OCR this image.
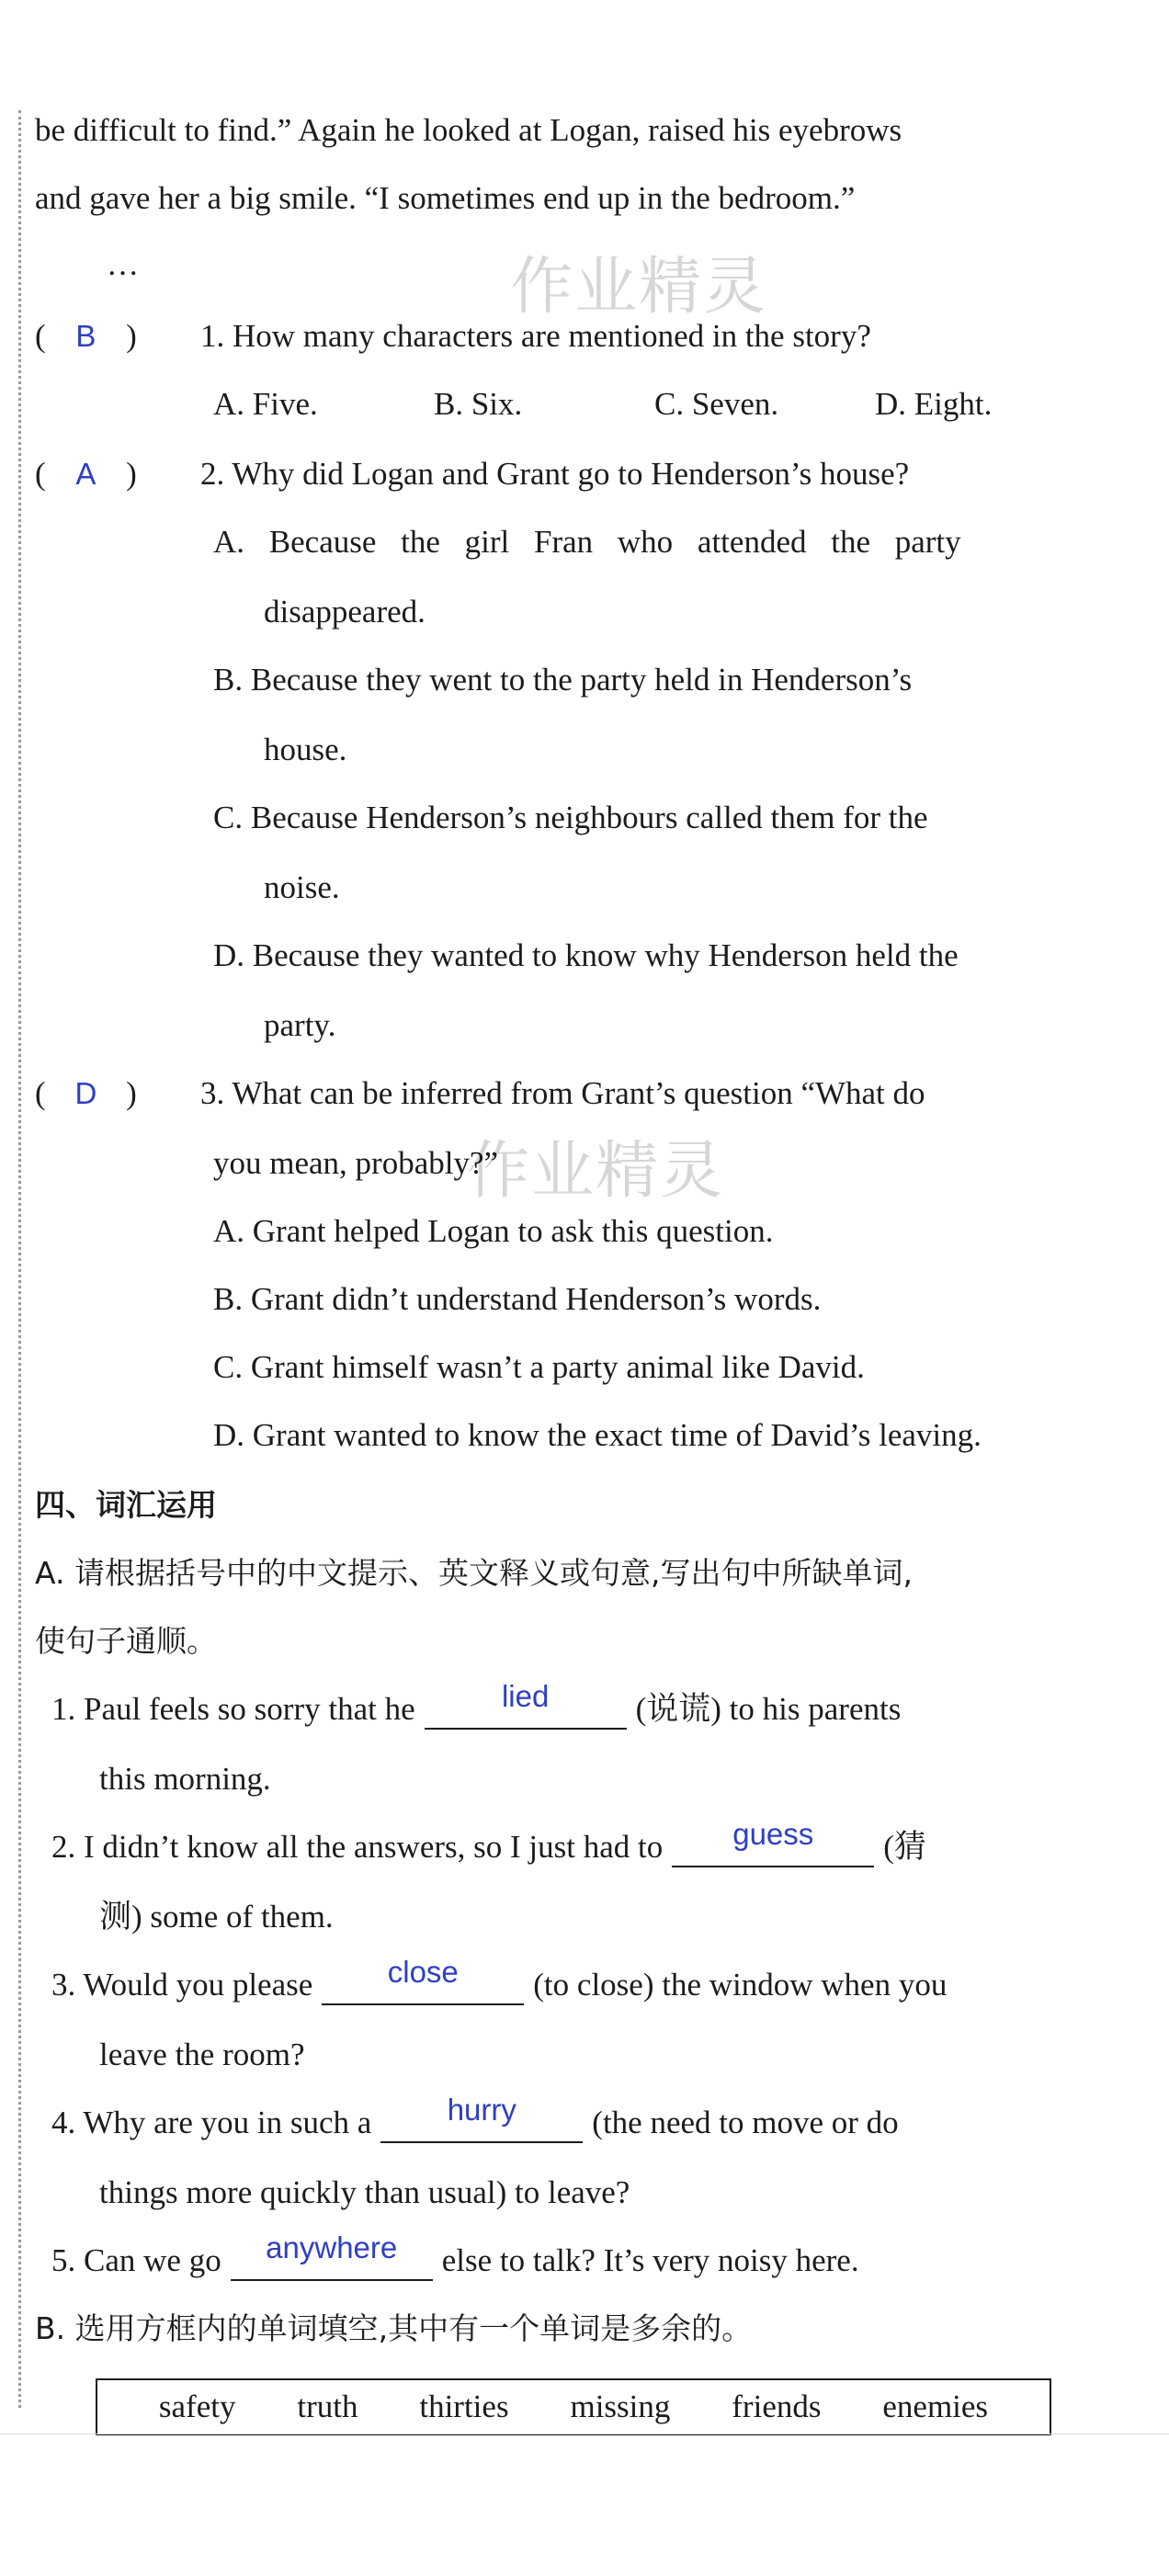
作业精灵
作业精灵
be difficult to find.” Again he looked at Logan, raised his eyebrows
and gave her a big smile. “I sometimes end up in the bedroom.”
…
( B ) 1. How many characters are mentioned in the story?
A. Five.	B. Six.	C. Seven.	D. Eight.
( A ) 2. Why did Logan and Grant go to Henderson’s house?
A. Because the girl Fran who attended the party
disappeared.
B. Because they went to the party held in Henderson’s
house.
C. Because Henderson’s neighbours called them for the
noise.
D. Because they wanted to know why Henderson held the
party.
( D ) 3. What can be inferred from Grant’s question “What do
you mean, probably?”
A. Grant helped Logan to ask this question.
B. Grant didn’t understand Henderson’s words.
C. Grant himself wasn’t a party animal like David.
D. Grant wanted to know the exact time of David’s leaving.
四、词汇运用
A. 请根据括号中的中文提示、英文释义或句意,写出句中所缺单词,
使句子通顺。
1. Paul feels so sorry that he	lied	(说谎) to his parents
this morning.
2. I didn’t know all the answers, so I just had to	guess	(猜
测) some of them.
3. Would you please	close	(to close) the window when you
leave the room?
4. Why are you in such a	hurry	(the need to move or do
things more quickly than usual) to leave?
5. Can we go	anywhere	else to talk? It’s very noisy here.
B. 选用方框内的单词填空,其中有一个单词是多余的。
safety truth thirties missing friends enemies
